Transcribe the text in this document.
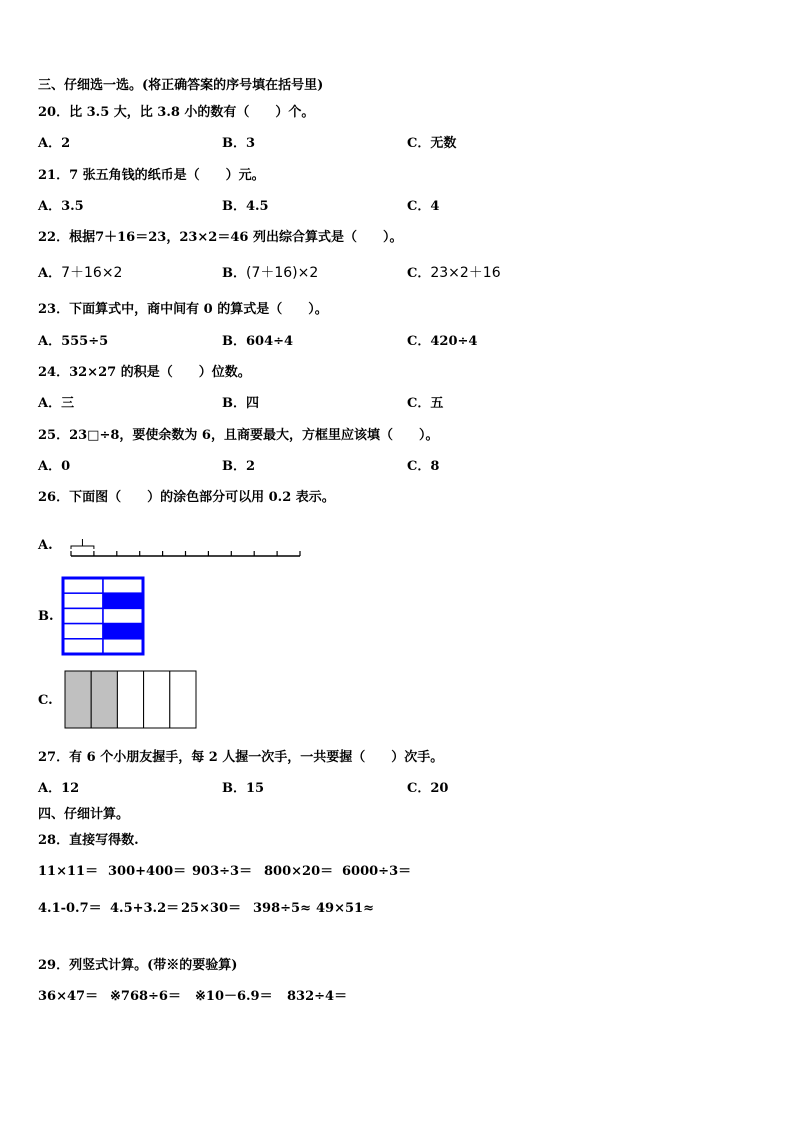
三、仔细选一选。(将正确答案的序号填在括号里)
20．比 3.5 大，比 3.8 小的数有（　　）个。
A．2	B．3	C．无数
21．7 张五角钱的纸币是（　　）元。
A．3.5	B．4.5	C．4
22．根据7＋16＝23，23×2＝46 列出综合算式是（　　）。
A．7＋16×2	B．(7＋16)×2	C．23×2＋16
23．下面算式中，商中间有 0 的算式是（　　）。
A．555÷5	B．604÷4	C．420÷4
24．32×27 的积是（　　）位数。
A．三	B．四	C．五
25．23□÷8，要使余数为 6，且商要最大，方框里应该填（　　）。
A．0	B．2	C．8
26．下面图（　　）的涂色部分可以用 0.2 表示。
A.
B.
C.
27．有 6 个小朋友握手，每 2 人握一次手，一共要握（　　）次手。
A．12	B．15	C．20
四、仔细计算。
28．直接写得数.
11×11＝ 300+400＝ 903÷3＝ 800×20＝ 6000÷3＝
4.1-0.7＝ 4.5+3.2＝ 25×30＝ 398÷5≈ 49×51≈
29．列竖式计算。(带※的要验算)
36×47＝ ※768÷6＝ ※10－6.9＝ 832÷4＝
